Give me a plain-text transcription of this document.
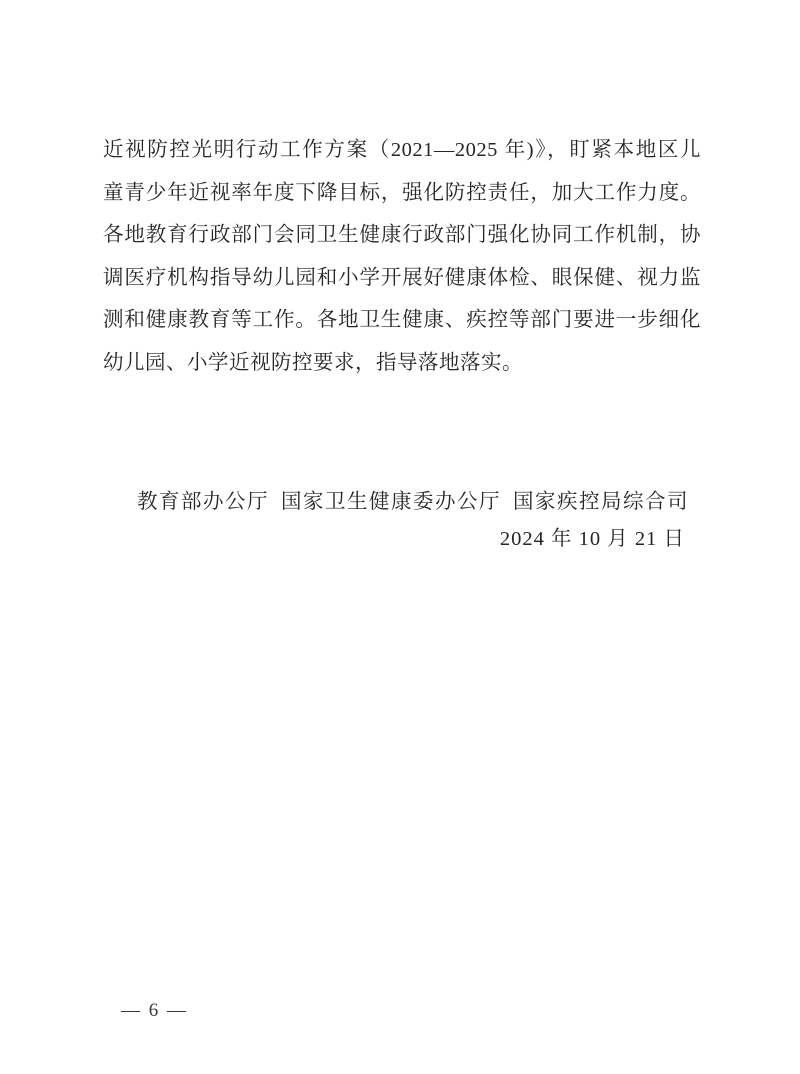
近视防控光明行动工作方案（2021—2025 年)》，盯紧本地区儿
童青少年近视率年度下降目标，强化防控责任，加大工作力度。
各地教育行政部门会同卫生健康行政部门强化协同工作机制，协
调医疗机构指导幼儿园和小学开展好健康体检、眼保健、视力监
测和健康教育等工作。各地卫生健康、疾控等部门要进一步细化
幼儿园、小学近视防控要求，指导落地落实。
教育部办公厅 国家卫生健康委办公厅 国家疾控局综合司
2024 年 10 月 21 日
— 6 —
